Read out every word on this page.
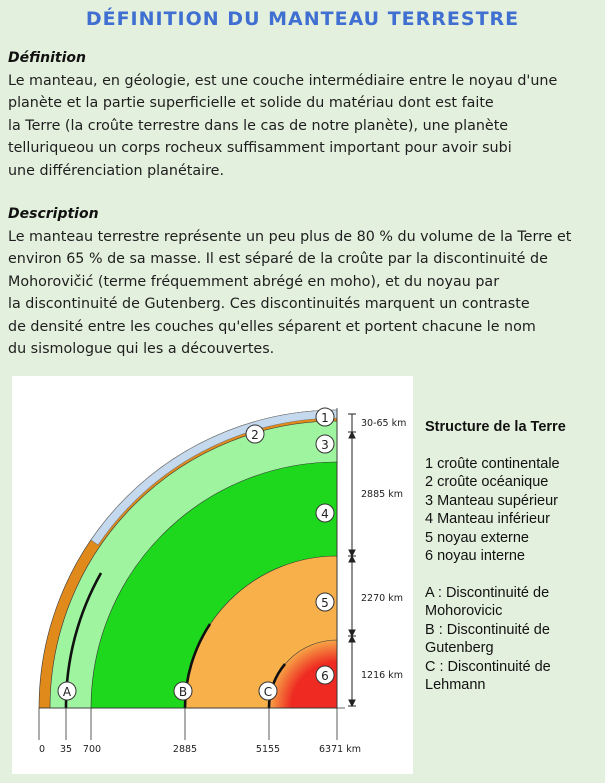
DÉFINITION DU MANTEAU TERRESTRE
Définition
Le manteau, en géologie, est une couche intermédiaire entre le noyau d'une
planète et la partie superficielle et solide du matériau dont est faite
la Terre (la croûte terrestre dans le cas de notre planète), une planète
telluriqueou un corps rocheux suffisamment important pour avoir subi
une différenciation planétaire.
Description
Le manteau terrestre représente un peu plus de 80 % du volume de la Terre et
environ 65 % de sa masse. Il est séparé de la croûte par la discontinuité de
Mohorovičić (terme fréquemment abrégé en moho), et du noyau par
la discontinuité de Gutenberg. Ces discontinuités marquent un contraste
de densité entre les couches qu'elles séparent et portent chacune le nom
du sismologue qui les a découvertes.
0 35 700	2885	5155	6371 km
30-65 km
2885 km
2270 km
1216 km
1
2
3
4
5
6
A	B	C
Structure de la Terre
1 croûte continentale
2 croûte océanique
3 Manteau supérieur
4 Manteau inférieur
5 noyau externe
6 noyau interne
A : Discontinuité de
Mohorovicic
B : Discontinuité de
Gutenberg
C : Discontinuité de
Lehmann
